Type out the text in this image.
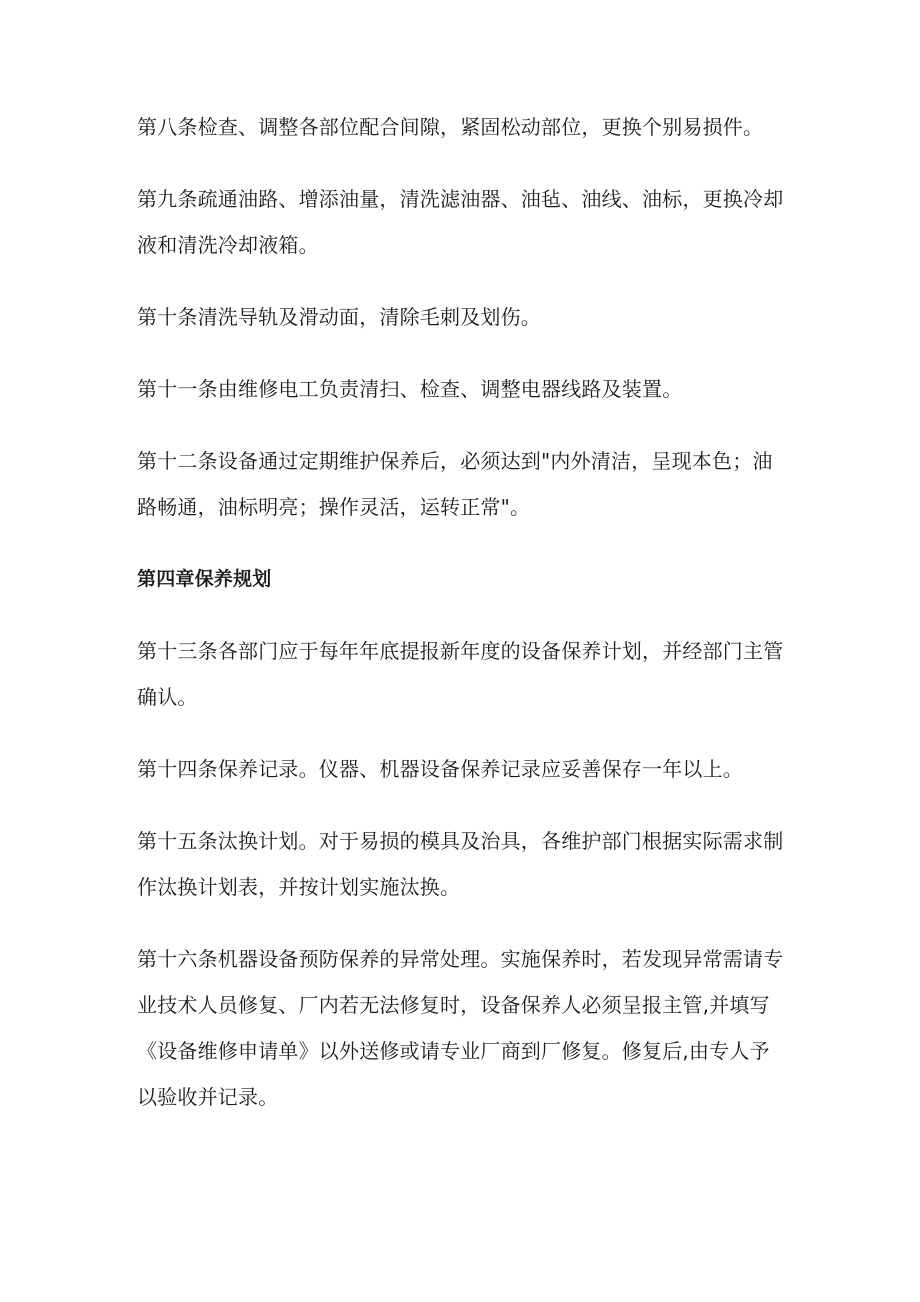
第八条检查、调整各部位配合间隙，紧固松动部位，更换个别易损件。

第九条疏通油路、增添油量，清洗滤油器、油毡、油线、油标，更换冷却液和清洗冷却液箱。

第十条清洗导轨及滑动面，清除毛刺及划伤。

第十一条由维修电工负责清扫、检查、调整电器线路及装置。

第十二条设备通过定期维护保养后，必须达到"内外清洁，呈现本色；油路畅通，油标明亮；操作灵活，运转正常"。

第四章保养规划

第十三条各部门应于每年年底提报新年度的设备保养计划，并经部门主管确认。

第十四条保养记录。仪器、机器设备保养记录应妥善保存一年以上。

第十五条汰换计划。对于易损的模具及治具，各维护部门根据实际需求制作汰换计划表，并按计划实施汰换。

第十六条机器设备预防保养的异常处理。实施保养时，若发现异常需请专业技术人员修复、厂内若无法修复时，设备保养人必须呈报主管,并填写《设备维修申请单》以外送修或请专业厂商到厂修复。修复后,由专人予以验收并记录。
